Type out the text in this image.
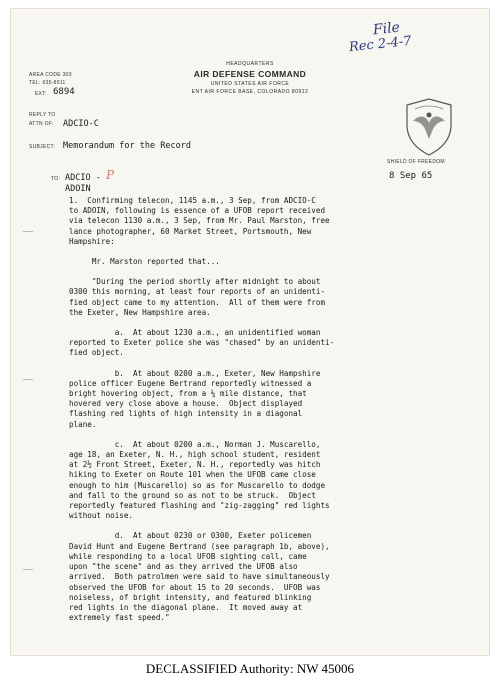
HEADQUARTERS
AIR DEFENSE COMMAND
UNITED STATES AIR FORCE
ENT AIR FORCE BASE, COLORADO 80912
AREA CODE 303
TEL: 635-8911
EXT: 6894
File
Rec 2-4-7
SHIELD OF FREEDOM
REPLY TO
ATTN OF: ADCIO-C
SUBJECT: Memorandum for the Record
8 Sep 65
TO: ADCIO - P
ADOIN

1.  Confirming telecon, 1145 a.m., 3 Sep, from ADCIO-C
to ADOIN, following is essence of a UFOB report received
via telecon 1130 a.m., 3 Sep, from Mr. Paul Marston, free
lance photographer, 60 Market Street, Portsmouth, New
Hampshire:

Mr. Marston reported that...

"During the period shortly after midnight to about
0300 this morning, at least four reports of an unidenti-
fied object came to my attention.  All of them were from
the Exeter, New Hampshire area.

a.  At about 1230 a.m., an unidentified woman
reported to Exeter police she was "chased" by an unidenti-
fied object.

b.  At about 0200 a.m., Exeter, New Hampshire
police officer Eugene Bertrand reportedly witnessed a
bright hovering object, from a ¼ mile distance, that
hovered very close above a house.  Object displayed
flashing red lights of high intensity in a diagonal
plane.

c.  At about 0200 a.m., Norman J. Muscarello,
age 18, an Exeter, N. H., high school student, resident
at 2½ Front Street, Exeter, N. H., reportedly was hitch
hiking to Exeter on Route 101 when the UFOB came close
enough to him (Muscarello) so as for Muscarello to dodge
and fall to the ground so as not to be struck.  Object
reportedly featured flashing and "zig-zagging" red lights
without noise.

d.  At about 0230 or 0300, Exeter policemen
David Hunt and Eugene Bertrand (see paragraph 1b, above),
while responding to a local UFOB sighting call, came
upon "the scene" and as they arrived the UFOB also
arrived.  Both patrolmen were said to have simultaneously
observed the UFOB for about 15 to 20 seconds.  UFOB was
noiseless, of bright intensity, and featured blinking
red lights in the diagonal plane.  It moved away at
extremely fast speed."

DECLASSIFIED Authority: NW 45006
